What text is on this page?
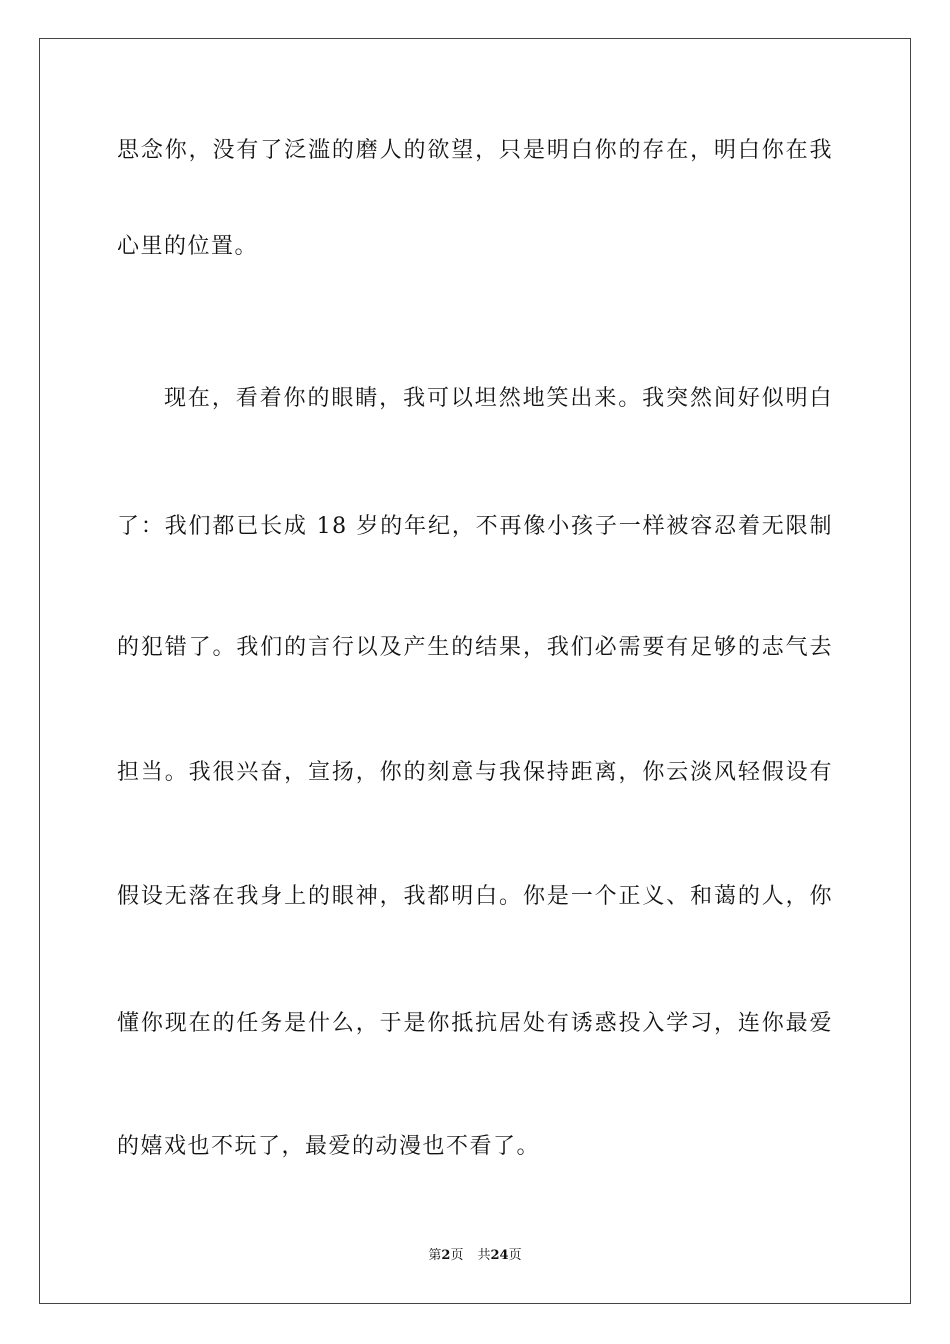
思念你，没有了泛滥的磨人的欲望，只是明白你的存在，明白你在我
心里的位置。
现在，看着你的眼睛，我可以坦然地笑出来。我突然间好似明白
了：我们都已长成 18 岁的年纪，不再像小孩子一样被容忍着无限制
的犯错了。我们的言行以及产生的结果，我们必需要有足够的志气去
担当。我很兴奋，宣扬，你的刻意与我保持距离，你云淡风轻假设有
假设无落在我身上的眼神，我都明白。你是一个正义、和蔼的人，你
懂你现在的任务是什么，于是你抵抗居处有诱惑投入学习，连你最爱
的嬉戏也不玩了，最爱的动漫也不看了。
第2页 共24页
